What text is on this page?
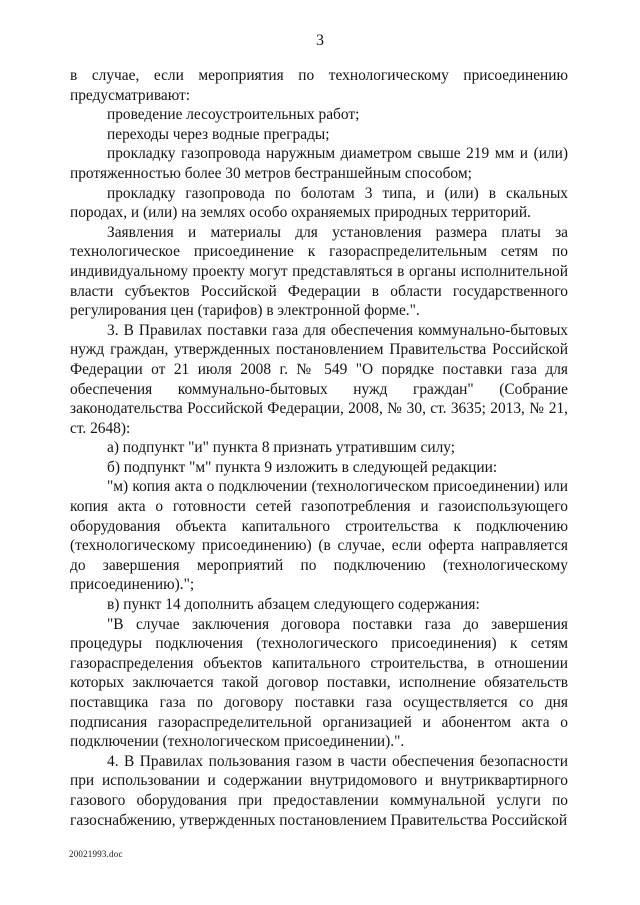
3

в случае, если мероприятия по технологическому присоединению предусматривают:

проведение лесоустроительных работ;

переходы через водные преграды;

прокладку газопровода наружным диаметром свыше 219 мм и (или) протяженностью более 30 метров бестраншейным способом;

прокладку газопровода по болотам 3 типа, и (или) в скальных породах, и (или) на землях особо охраняемых природных территорий.

Заявления и материалы для установления размера платы за технологическое присоединение к газораспределительным сетям по индивидуальному проекту могут представляться в органы исполнительной власти субъектов Российской Федерации в области государственного регулирования цен (тарифов) в электронной форме.".

3. В Правилах поставки газа для обеспечения коммунально-бытовых нужд граждан, утвержденных постановлением Правительства Российской Федерации от 21 июля 2008 г. № 549 "О порядке поставки газа для обеспечения коммунально-бытовых нужд граждан" (Собрание законодательства Российской Федерации, 2008, № 30, ст. 3635; 2013, № 21, ст. 2648):

а) подпункт "и" пункта 8 признать утратившим силу;

б) подпункт "м" пункта 9 изложить в следующей редакции:

"м) копия акта о подключении (технологическом присоединении) или копия акта о готовности сетей газопотребления и газоиспользующего оборудования объекта капитального строительства к подключению (технологическому присоединению) (в случае, если оферта направляется до завершения мероприятий по подключению (технологическому присоединению).";

в) пункт 14 дополнить абзацем следующего содержания:

"В случае заключения договора поставки газа до завершения процедуры подключения (технологического присоединения) к сетям газораспределения объектов капитального строительства, в отношении которых заключается такой договор поставки, исполнение обязательств поставщика газа по договору поставки газа осуществляется со дня подписания газораспределительной организацией и абонентом акта о подключении (технологическом присоединении).".

4. В Правилах пользования газом в части обеспечения безопасности при использовании и содержании внутридомового и внутриквартирного газового оборудования при предоставлении коммунальной услуги по газоснабжению, утвержденных постановлением Правительства Российской

20021993.doc
